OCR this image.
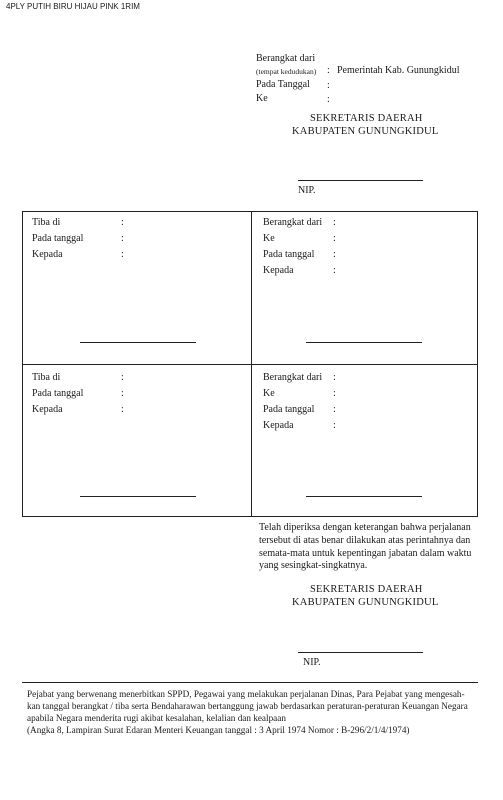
4PLY PUTIH BIRU HIJAU PINK 1RIM
Berangkat dari
(tempat kedudukan) : Pemerintah Kab. Gunungkidul
Pada Tanggal :
Ke	:
SEKRETARIS DAERAH
KABUPATEN GUNUNGKIDUL
NIP.
Tiba di	:
Pada tanggal	:
Kepada	:
Berangkat dari :
Ke	:
Pada tanggal :
Kepada	:
Tiba di	:
Pada tanggal	:
Kepada	:
Berangkat dari :
Ke	:
Pada tanggal :
Kepada	:
Telah diperiksa dengan keterangan bahwa perjalanan
tersebut di atas benar dilakukan atas perintahnya dan
semata-mata untuk kepentingan jabatan dalam waktu
yang sesingkat-singkatnya.
SEKRETARIS DAERAH
KABUPATEN GUNUNGKIDUL
NIP.
Pejabat yang berwenang menerbitkan SPPD, Pegawai yang melakukan perjalanan Dinas, Para Pejabat yang mengesah-
kan tanggal berangkat / tiba serta Bendaharawan bertanggung jawab berdasarkan peraturan-peraturan Keuangan Negara
apabila Negara menderita rugi akibat kesalahan, kelalian dan kealpaan
(Angka 8, Lampiran Surat Edaran Menteri Keuangan tanggal : 3 April 1974 Nomor : B-296/2/1/4/1974)
